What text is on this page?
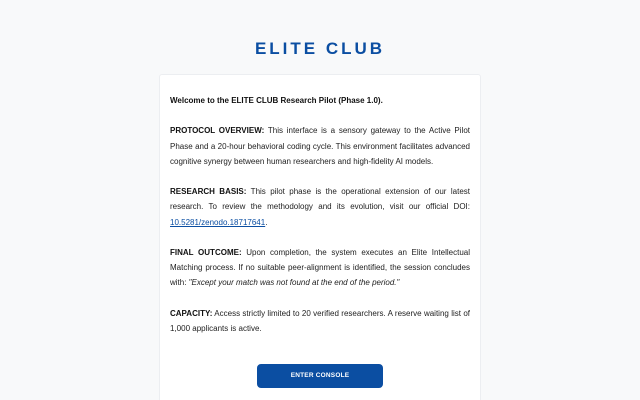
ELITE CLUB

Welcome to the ELITE CLUB Research Pilot (Phase 1.0).

PROTOCOL OVERVIEW: This interface is a sensory gateway to the Active Pilot Phase and a 20-hour behavioral coding cycle. This environment facilitates advanced cognitive synergy between human researchers and high-fidelity AI models.

RESEARCH BASIS: This pilot phase is the operational extension of our latest research. To review the methodology and its evolution, visit our official DOI: 10.5281/zenodo.18717641.

FINAL OUTCOME: Upon completion, the system executes an Elite Intellectual Matching process. If no suitable peer-alignment is identified, the session concludes with: "Except your match was not found at the end of the period."

CAPACITY: Access strictly limited to 20 verified researchers. A reserve waiting list of 1,000 applicants is active.

ENTER CONSOLE
